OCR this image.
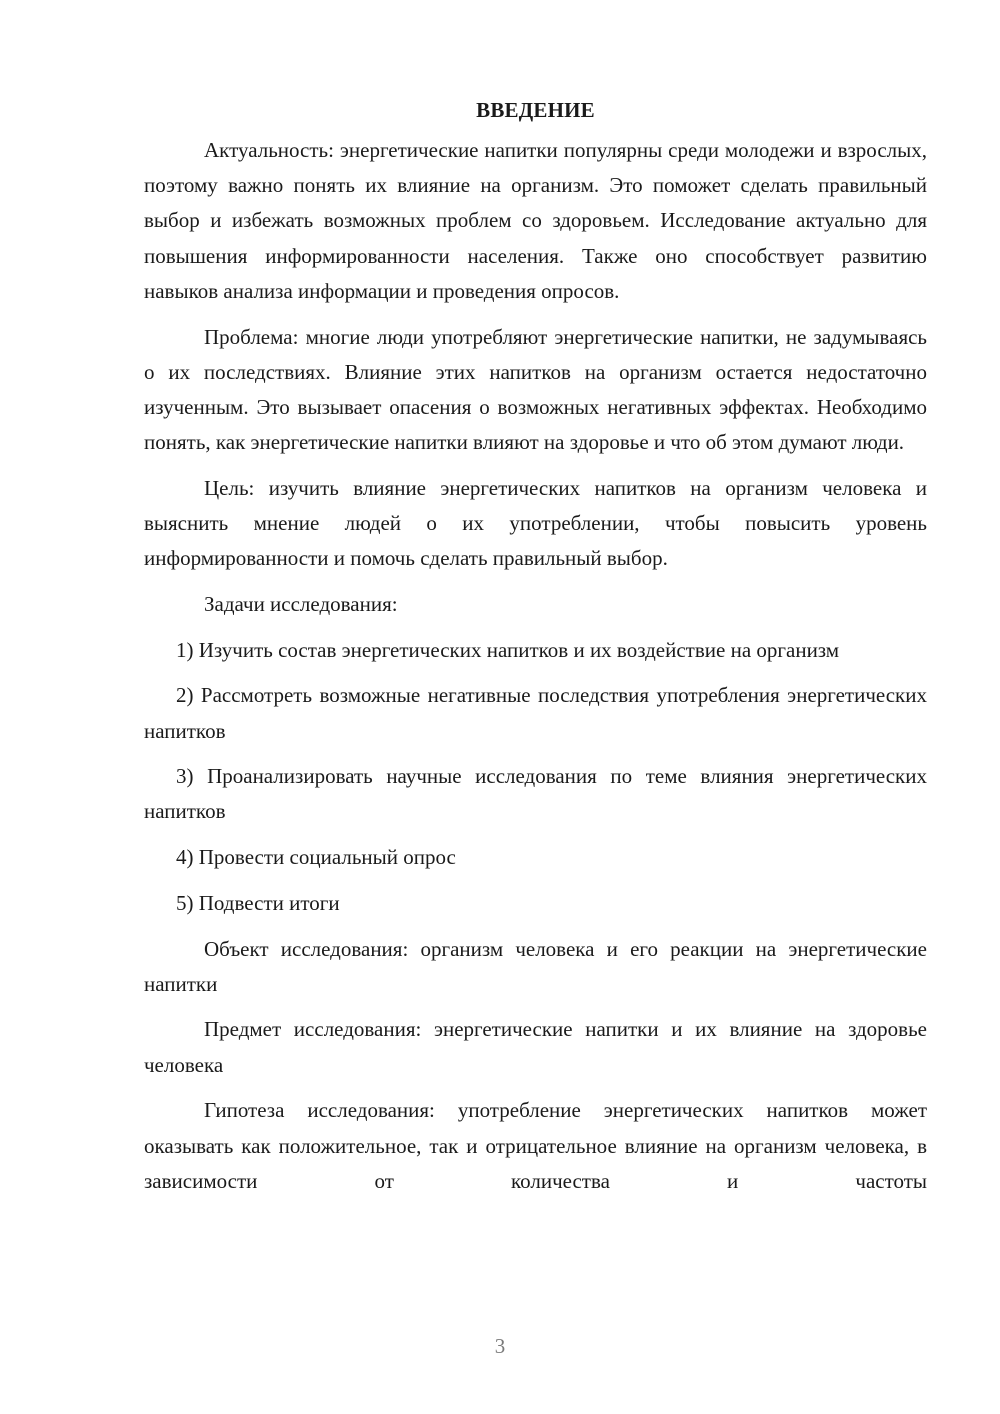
ВВЕДЕНИЕ

Актуальность: энергетические напитки популярны среди молодежи и взрослых, поэтому важно понять их влияние на организм. Это поможет сделать правильный выбор и избежать возможных проблем со здоровьем. Исследование актуально для повышения информированности населения. Также оно способствует развитию навыков анализа информации и проведения опросов.

Проблема: многие люди употребляют энергетические напитки, не задумываясь о их последствиях. Влияние этих напитков на организм остается недостаточно изученным. Это вызывает опасения о возможных негативных эффектах. Необходимо понять, как энергетические напитки влияют на здоровье и что об этом думают люди.

Цель: изучить влияние энергетических напитков на организм человека и выяснить мнение людей о их употреблении, чтобы повысить уровень информированности и помочь сделать правильный выбор.

Задачи исследования:

1) Изучить состав энергетических напитков и их воздействие на организм

2) Рассмотреть возможные негативные последствия употребления энергетических напитков

3) Проанализировать научные исследования по теме влияния энергетических напитков

4) Провести социальный опрос

5) Подвести итоги

Объект исследования: организм человека и его реакции на энергетические напитки

Предмет исследования: энергетические напитки и их влияние на здоровье человека

Гипотеза исследования: употребление энергетических напитков может оказывать как положительное, так и отрицательное влияние на организм человека, в зависимости от количества и частоты

3
